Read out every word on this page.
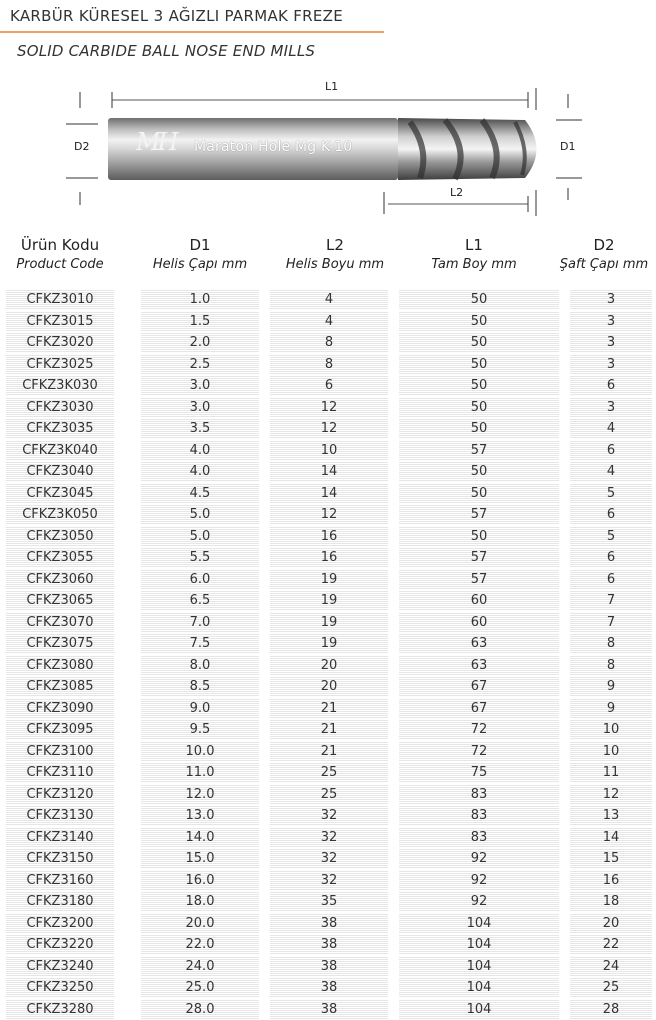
KARBÜR KÜRESEL 3 AĞIZLI PARMAK FREZE
SOLID CARBIDE BALL NOSE END MILLS
L1
D2	D1
L2
MH Maraton Hole Mg K-10
Ürün Kodu
Product Code
D1
Helis Çapı mm
L2
Helis Boyu mm
L1
Tam Boy mm
D2
Şaft Çapı mm
CFKZ3010	1.0	4	50	3
CFKZ3015	1.5	4	50	3
CFKZ3020	2.0	8	50	3
CFKZ3025	2.5	8	50	3
CFKZ3K030	3.0	6	50	6
CFKZ3030	3.0	12	50	3
CFKZ3035	3.5	12	50	4
CFKZ3K040	4.0	10	57	6
CFKZ3040	4.0	14	50	4
CFKZ3045	4.5	14	50	5
CFKZ3K050	5.0	12	57	6
CFKZ3050	5.0	16	50	5
CFKZ3055	5.5	16	57	6
CFKZ3060	6.0	19	57	6
CFKZ3065	6.5	19	60	7
CFKZ3070	7.0	19	60	7
CFKZ3075	7.5	19	63	8
CFKZ3080	8.0	20	63	8
CFKZ3085	8.5	20	67	9
CFKZ3090	9.0	21	67	9
CFKZ3095	9.5	21	72	10
CFKZ3100	10.0	21	72	10
CFKZ3110	11.0	25	75	11
CFKZ3120	12.0	25	83	12
CFKZ3130	13.0	32	83	13
CFKZ3140	14.0	32	83	14
CFKZ3150	15.0	32	92	15
CFKZ3160	16.0	32	92	16
CFKZ3180	18.0	35	92	18
CFKZ3200	20.0	38	104	20
CFKZ3220	22.0	38	104	22
CFKZ3240	24.0	38	104	24
CFKZ3250	25.0	38	104	25
CFKZ3280	28.0	38	104	28
